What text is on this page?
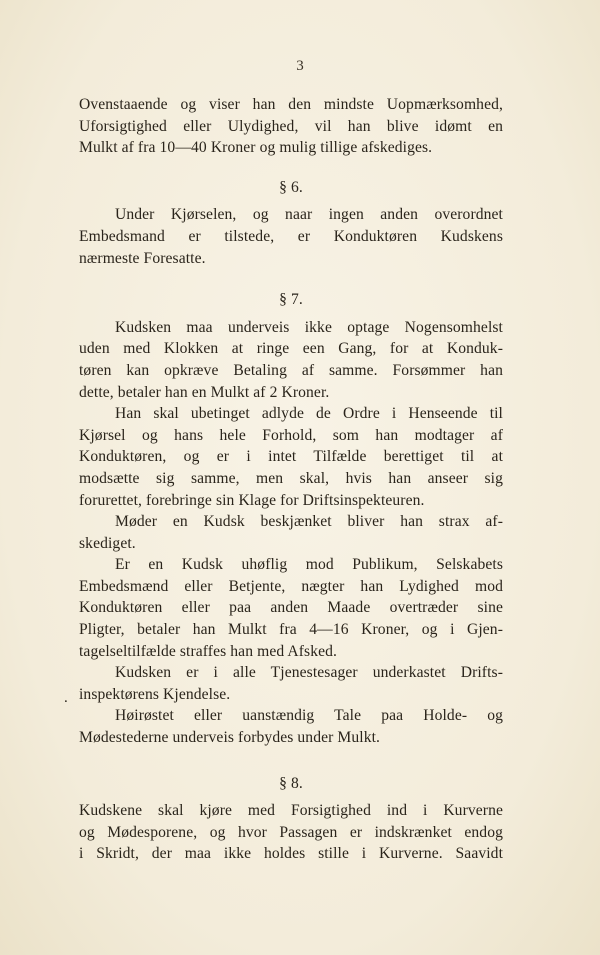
3
.
Ovenstaaende og viser han den mindste Uopmærksomhed,
Uforsigtighed eller Ulydighed, vil han blive idømt en
Mulkt af fra 10—40 Kroner og mulig tillige afskediges.
§ 6.
Under Kjørselen, og naar ingen anden overordnet
Embedsmand er tilstede, er Konduktøren Kudskens
nærmeste Foresatte.
§ 7.
Kudsken maa underveis ikke optage Nogensomhelst
uden med Klokken at ringe een Gang, for at Konduk-
tøren kan opkræve Betaling af samme. Forsømmer han
dette, betaler han en Mulkt af 2 Kroner.
Han skal ubetinget adlyde de Ordre i Henseende til
Kjørsel og hans hele Forhold, som han modtager af
Konduktøren, og er i intet Tilfælde berettiget til at
modsætte sig samme, men skal, hvis han anseer sig
forurettet, forebringe sin Klage for Driftsinspekteuren.
Møder en Kudsk beskjænket bliver han strax af-
skediget.
Er en Kudsk uhøflig mod Publikum, Selskabets
Embedsmænd eller Betjente, nægter han Lydighed mod
Konduktøren eller paa anden Maade overtræder sine
Pligter, betaler han Mulkt fra 4—16 Kroner, og i Gjen-
tagelseltilfælde straffes han med Afsked.
Kudsken er i alle Tjenestesager underkastet Drifts-
inspektørens Kjendelse.
Høirøstet eller uanstændig Tale paa Holde- og
Mødestederne underveis forbydes under Mulkt.
§ 8.
Kudskene skal kjøre med Forsigtighed ind i Kurverne
og Mødesporene, og hvor Passagen er indskrænket endog
i Skridt, der maa ikke holdes stille i Kurverne. Saavidt
